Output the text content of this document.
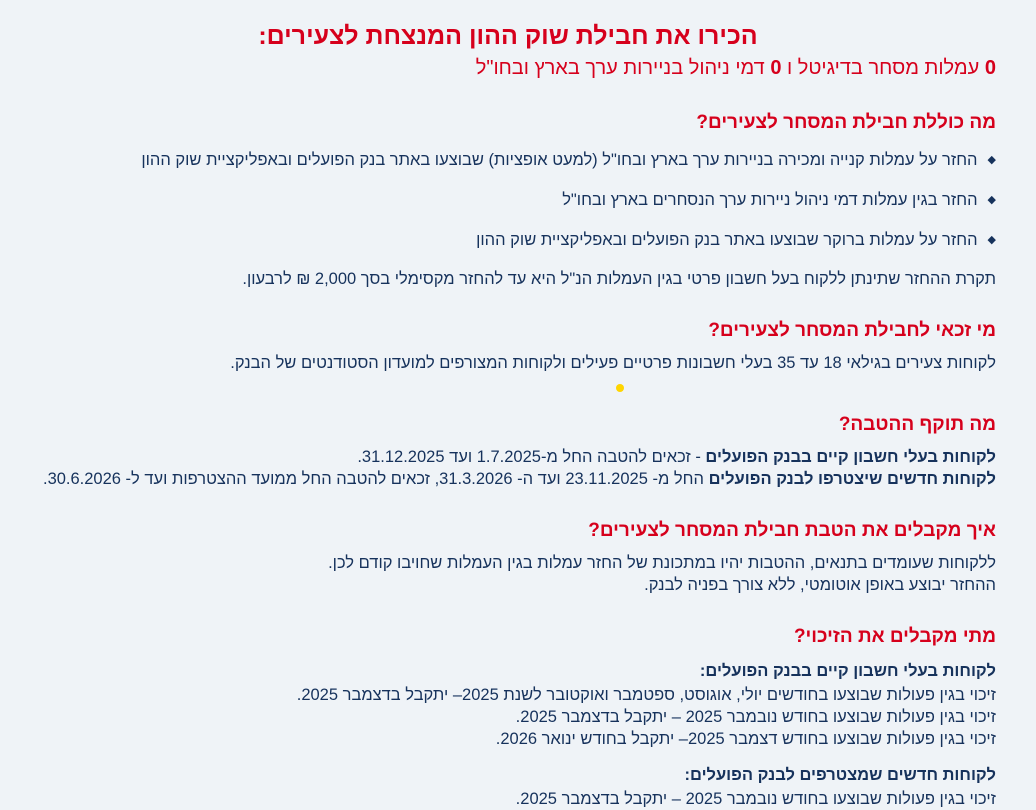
הכירו את חבילת שוק ההון המנצחת לצעירים:

0 עמלות מסחר בדיגיטל ו 0 דמי ניהול בניירות ערך בארץ ובחו"ל

מה כוללת חבילת המסחר לצעירים?
◆
החזר על עמלות קנייה ומכירה בניירות ערך בארץ ובחו"ל (למעט אופציות) שבוצעו באתר בנק הפועלים ובאפליקציית שוק ההון
◆
החזר בגין עמלות דמי ניהול ניירות ערך הנסחרים בארץ ובחו"ל
◆
החזר על עמלות ברוקר שבוצעו באתר בנק הפועלים ובאפליקציית שוק ההון

תקרת ההחזר שתינתן ללקוח בעל חשבון פרטי בגין העמלות הנ"ל היא עד להחזר מקסימלי בסך 2,000 ₪ לרבעון.

מי זכאי לחבילת המסחר לצעירים?

לקוחות צעירים בגילאי 18 עד 35 בעלי חשבונות פרטיים פעילים ולקוחות המצורפים למועדון הסטודנטים של הבנק.

מה תוקף ההטבה?

לקוחות בעלי חשבון קיים בבנק הפועלים - זכאים להטבה החל מ-1.7.2025 ועד 31.12.2025.

לקוחות חדשים שיצטרפו לבנק הפועלים החל מ- 23.11.2025 ועד ה- 31.3.2026, זכאים להטבה החל ממועד ההצטרפות ועד ל- 30.6.2026.

איך מקבלים את הטבת חבילת המסחר לצעירים?

ללקוחות שעומדים בתנאים, ההטבות יהיו במתכונת של החזר עמלות בגין העמלות שחויבו קודם לכן.

ההחזר יבוצע באופן אוטומטי, ללא צורך בפניה לבנק.

מתי מקבלים את הזיכוי?

לקוחות בעלי חשבון קיים בבנק הפועלים:

זיכוי בגין פעולות שבוצעו בחודשים יולי, אוגוסט, ספטמבר ואוקטובר לשנת 2025– יתקבל בדצמבר 2025.

זיכוי בגין פעולות שבוצעו בחודש נובמבר 2025 – יתקבל בדצמבר 2025.

זיכוי בגין פעולות שבוצעו בחודש דצמבר 2025– יתקבל בחודש ינואר 2026.

לקוחות חדשים שמצטרפים לבנק הפועלים:

זיכוי בגין פעולות שבוצעו בחודש נובמבר 2025 – יתקבל בדצמבר 2025.
